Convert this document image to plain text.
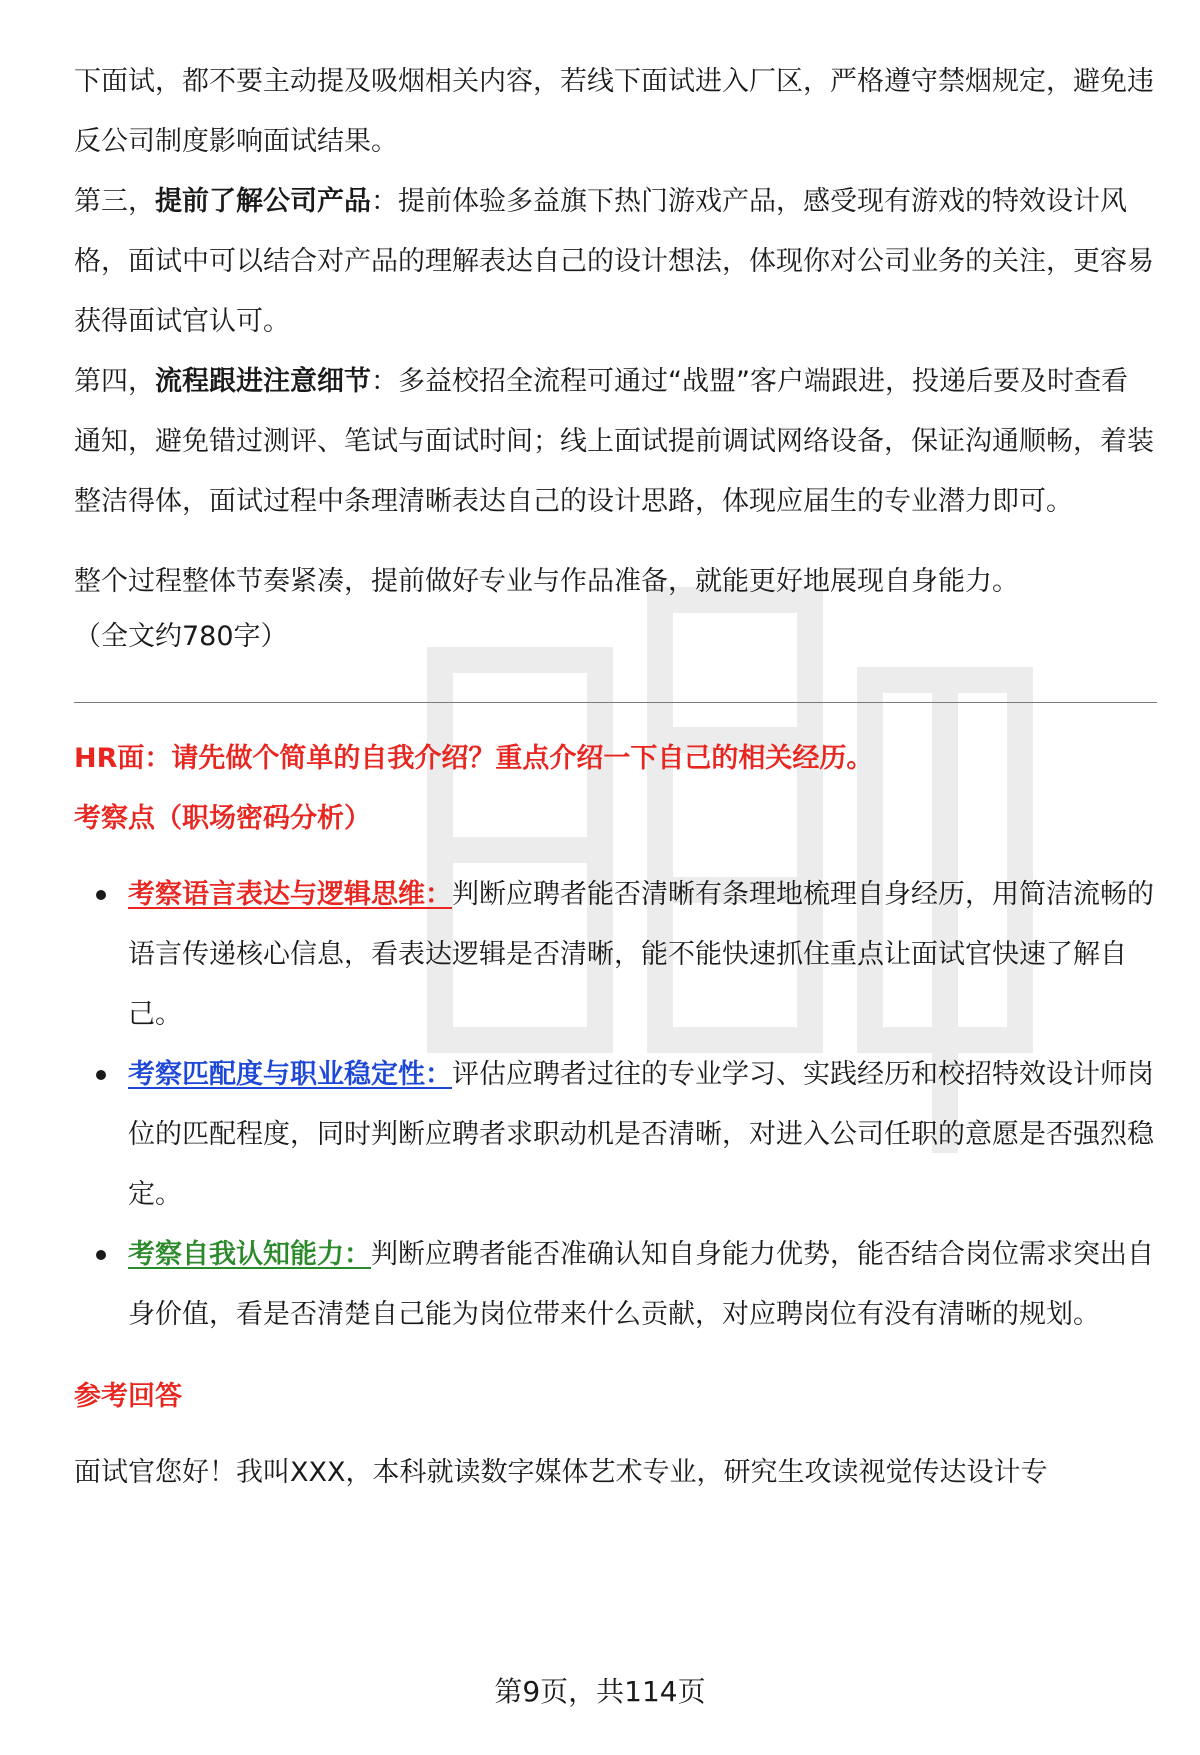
下面试，都不要主动提及吸烟相关内容，若线下面试进入厂区，严格遵守禁烟规定，避免违反公司制度影响面试结果。

第三，提前了解公司产品：提前体验多益旗下热门游戏产品，感受现有游戏的特效设计风格，面试中可以结合对产品的理解表达自己的设计想法，体现你对公司业务的关注，更容易获得面试官认可。

第四，流程跟进注意细节：多益校招全流程可通过“战盟”客户端跟进，投递后要及时查看通知，避免错过测评、笔试与面试时间；线上面试提前调试网络设备，保证沟通顺畅，着装整洁得体，面试过程中条理清晰表达自己的设计思路，体现应届生的专业潜力即可。

整个过程整体节奏紧凑，提前做好专业与作品准备，就能更好地展现自身能力。

（全文约780字）

HR面：请先做个简单的自我介绍？重点介绍一下自己的相关经历。

考察点（职场密码分析）

考察语言表达与逻辑思维：判断应聘者能否清晰有条理地梳理自身经历，用简洁流畅的语言传递核心信息，看表达逻辑是否清晰，能不能快速抓住重点让面试官快速了解自己。
考察匹配度与职业稳定性：评估应聘者过往的专业学习、实践经历和校招特效设计师岗位的匹配程度，同时判断应聘者求职动机是否清晰，对进入公司任职的意愿是否强烈稳定。
考察自我认知能力：判断应聘者能否准确认知自身能力优势，能否结合岗位需求突出自身价值，看是否清楚自己能为岗位带来什么贡献，对应聘岗位有没有清晰的规划。

参考回答

面试官您好！我叫XXX，本科就读数字媒体艺术专业，研究生攻读视觉传达设计专

第9页，共114页
